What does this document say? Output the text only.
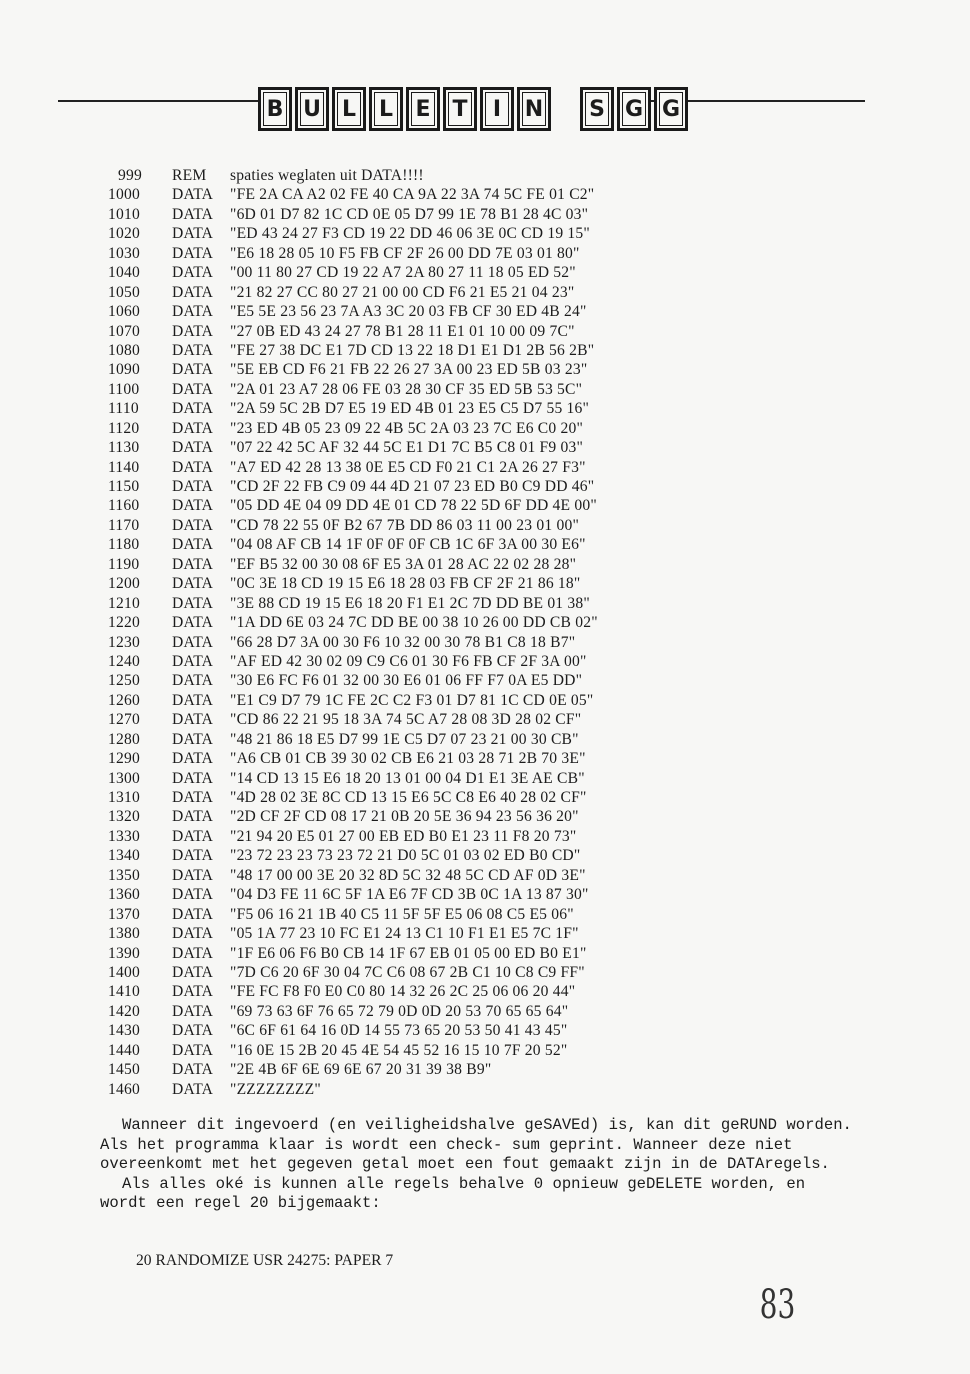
B U L	L	E T	I	N	S G G
999 REM spaties weglaten uit DATA!!!!
1000 DATA "FE 2A CA A2 02 FE 40 CA 9A 22 3A 74 5C FE 01 C2"
1010 DATA "6D 01 D7 82 1C CD 0E 05 D7 99 1E 78 B1 28 4C 03"
1020 DATA "ED 43 24 27 F3 CD 19 22 DD 46 06 3E 0C CD 19 15"
1030 DATA "E6 18 28 05 10 F5 FB CF 2F 26 00 DD 7E 03 01 80"
1040 DATA "00 11 80 27 CD 19 22 A7 2A 80 27 11 18 05 ED 52"
1050 DATA "21 82 27 CC 80 27 21 00 00 CD F6 21 E5 21 04 23"
1060 DATA "E5 5E 23 56 23 7A A3 3C 20 03 FB CF 30 ED 4B 24"
1070 DATA "27 0B ED 43 24 27 78 B1 28 11 E1 01 10 00 09 7C"
1080 DATA "FE 27 38 DC E1 7D CD 13 22 18 D1 E1 D1 2B 56 2B"
1090 DATA "5E EB CD F6 21 FB 22 26 27 3A 00 23 ED 5B 03 23"
1100 DATA "2A 01 23 A7 28 06 FE 03 28 30 CF 35 ED 5B 53 5C"
1110 DATA "2A 59 5C 2B D7 E5 19 ED 4B 01 23 E5 C5 D7 55 16"
1120 DATA "23 ED 4B 05 23 09 22 4B 5C 2A 03 23 7C E6 C0 20"
1130 DATA "07 22 42 5C AF 32 44 5C E1 D1 7C B5 C8 01 F9 03"
1140 DATA "A7 ED 42 28 13 38 0E E5 CD F0 21 C1 2A 26 27 F3"
1150 DATA "CD 2F 22 FB C9 09 44 4D 21 07 23 ED B0 C9 DD 46"
1160 DATA "05 DD 4E 04 09 DD 4E 01 CD 78 22 5D 6F DD 4E 00"
1170 DATA "CD 78 22 55 0F B2 67 7B DD 86 03 11 00 23 01 00"
1180 DATA "04 08 AF CB 14 1F 0F 0F 0F CB 1C 6F 3A 00 30 E6"
1190 DATA "EF B5 32 00 30 08 6F E5 3A 01 28 AC 22 02 28 28"
1200 DATA "0C 3E 18 CD 19 15 E6 18 28 03 FB CF 2F 21 86 18"
1210 DATA "3E 88 CD 19 15 E6 18 20 F1 E1 2C 7D DD BE 01 38"
1220 DATA "1A DD 6E 03 24 7C DD BE 00 38 10 26 00 DD CB 02"
1230 DATA "66 28 D7 3A 00 30 F6 10 32 00 30 78 B1 C8 18 B7"
1240 DATA "AF ED 42 30 02 09 C9 C6 01 30 F6 FB CF 2F 3A 00"
1250 DATA "30 E6 FC F6 01 32 00 30 E6 01 06 FF F7 0A E5 DD"
1260 DATA "E1 C9 D7 79 1C FE 2C C2 F3 01 D7 81 1C CD 0E 05"
1270 DATA "CD 86 22 21 95 18 3A 74 5C A7 28 08 3D 28 02 CF"
1280 DATA "48 21 86 18 E5 D7 99 1E C5 D7 07 23 21 00 30 CB"
1290 DATA "A6 CB 01 CB 39 30 02 CB E6 21 03 28 71 2B 70 3E"
1300 DATA "14 CD 13 15 E6 18 20 13 01 00 04 D1 E1 3E AE CB"
1310 DATA "4D 28 02 3E 8C CD 13 15 E6 5C C8 E6 40 28 02 CF"
1320 DATA "2D CF 2F CD 08 17 21 0B 20 5E 36 94 23 56 36 20"
1330 DATA "21 94 20 E5 01 27 00 EB ED B0 E1 23 11 F8 20 73"
1340 DATA "23 72 23 23 73 23 72 21 D0 5C 01 03 02 ED B0 CD"
1350 DATA "48 17 00 00 3E 20 32 8D 5C 32 48 5C CD AF 0D 3E"
1360 DATA "04 D3 FE 11 6C 5F 1A E6 7F CD 3B 0C 1A 13 87 30"
1370 DATA "F5 06 16 21 1B 40 C5 11 5F 5F E5 06 08 C5 E5 06"
1380 DATA "05 1A 77 23 10 FC E1 24 13 C1 10 F1 E1 E5 7C 1F"
1390 DATA "1F E6 06 F6 B0 CB 14 1F 67 EB 01 05 00 ED B0 E1"
1400 DATA "7D C6 20 6F 30 04 7C C6 08 67 2B C1 10 C8 C9 FF"
1410 DATA "FE FC F8 F0 E0 C0 80 14 32 26 2C 25 06 06 20 44"
1420 DATA "69 73 63 6F 76 65 72 79 0D 0D 20 53 70 65 65 64"
1430 DATA "6C 6F 61 64 16 0D 14 55 73 65 20 53 50 41 43 45"
1440 DATA "16 0E 15 2B 20 45 4E 54 45 52 16 15 10 7F 20 52"
1450 DATA "2E 4B 6F 6E 69 6E 67 20 31 39 38 B9"
1460 DATA "ZZZZZZZZ"

Wanneer dit ingevoerd (en veiligheidshalve geSAVEd) is, kan dit geRUND worden. Als het programma klaar is wordt een check- sum geprint. Wanneer deze niet overeenkomt met het gegeven getal moet een fout gemaakt zijn in de DATAregels.

Als alles oké is kunnen alle regels behalve 0 opnieuw geDELETE worden, en wordt een regel 20 bijgemaakt:

20 RANDOMIZE USR 24275: PAPER 7
83
